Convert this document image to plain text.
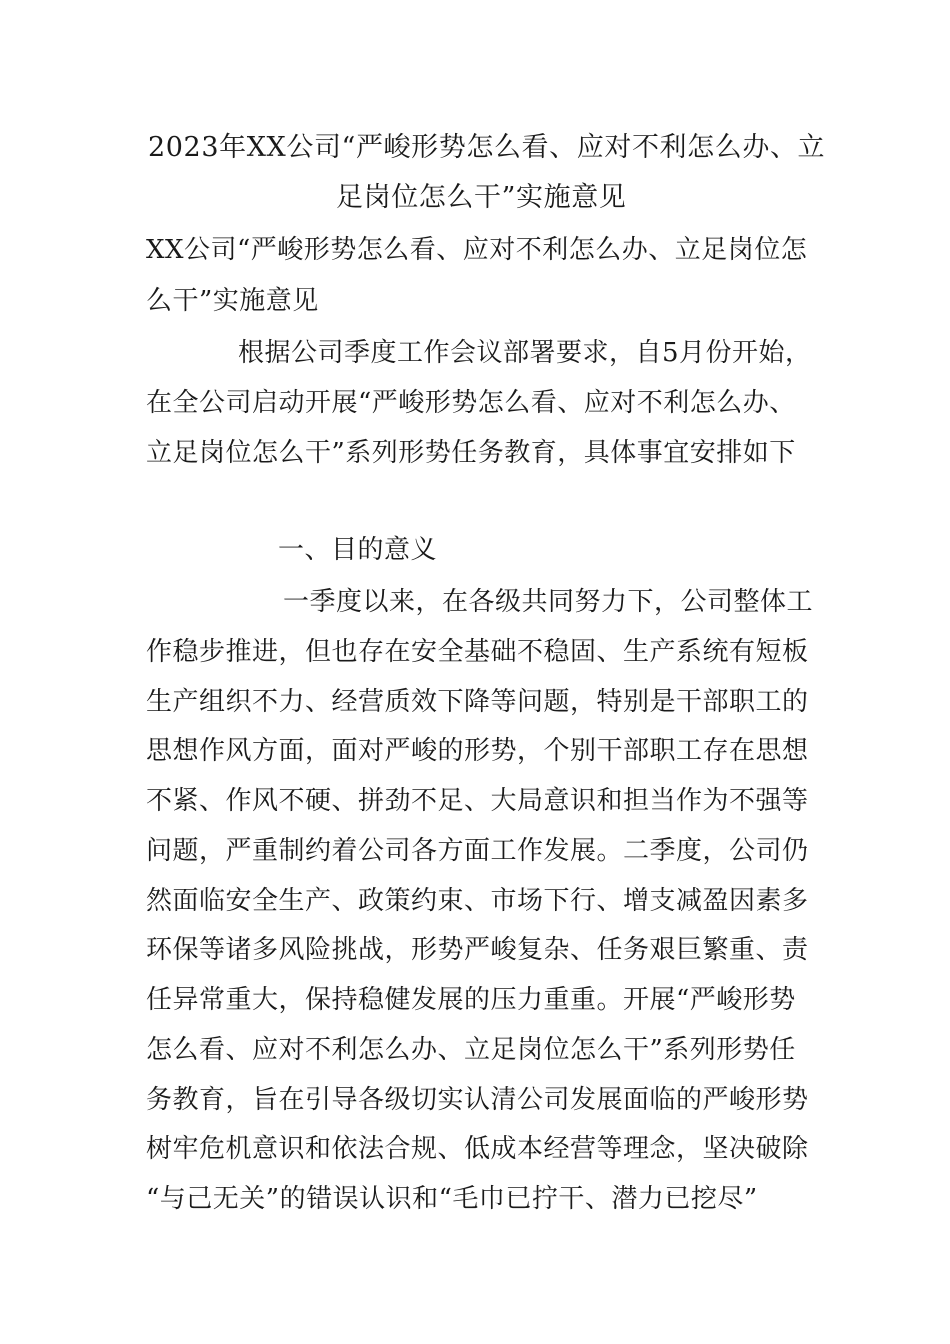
2023年XX公司“严峻形势怎么看、应对不利怎么办、立
足岗位怎么干”实施意见
XX公司“严峻形势怎么看、应对不利怎么办、立足岗位怎
么干”实施意见
根据公司季度工作会议部署要求，自5月份开始，
在全公司启动开展“严峻形势怎么看、应对不利怎么办、
立足岗位怎么干”系列形势任务教育，具体事宜安排如下
一、目的意义
一季度以来，在各级共同努力下，公司整体工
作稳步推进，但也存在安全基础不稳固、生产系统有短板
生产组织不力、经营质效下降等问题，特别是干部职工的
思想作风方面，面对严峻的形势，个别干部职工存在思想
不紧、作风不硬、拼劲不足、大局意识和担当作为不强等
问题，严重制约着公司各方面工作发展。二季度，公司仍
然面临安全生产、政策约束、市场下行、增支减盈因素多
环保等诸多风险挑战，形势严峻复杂、任务艰巨繁重、责
任异常重大，保持稳健发展的压力重重。开展“严峻形势
怎么看、应对不利怎么办、立足岗位怎么干”系列形势任
务教育，旨在引导各级切实认清公司发展面临的严峻形势
树牢危机意识和依法合规、低成本经营等理念，坚决破除
“与己无关”的错误认识和“毛巾已拧干、潜力已挖尽”
